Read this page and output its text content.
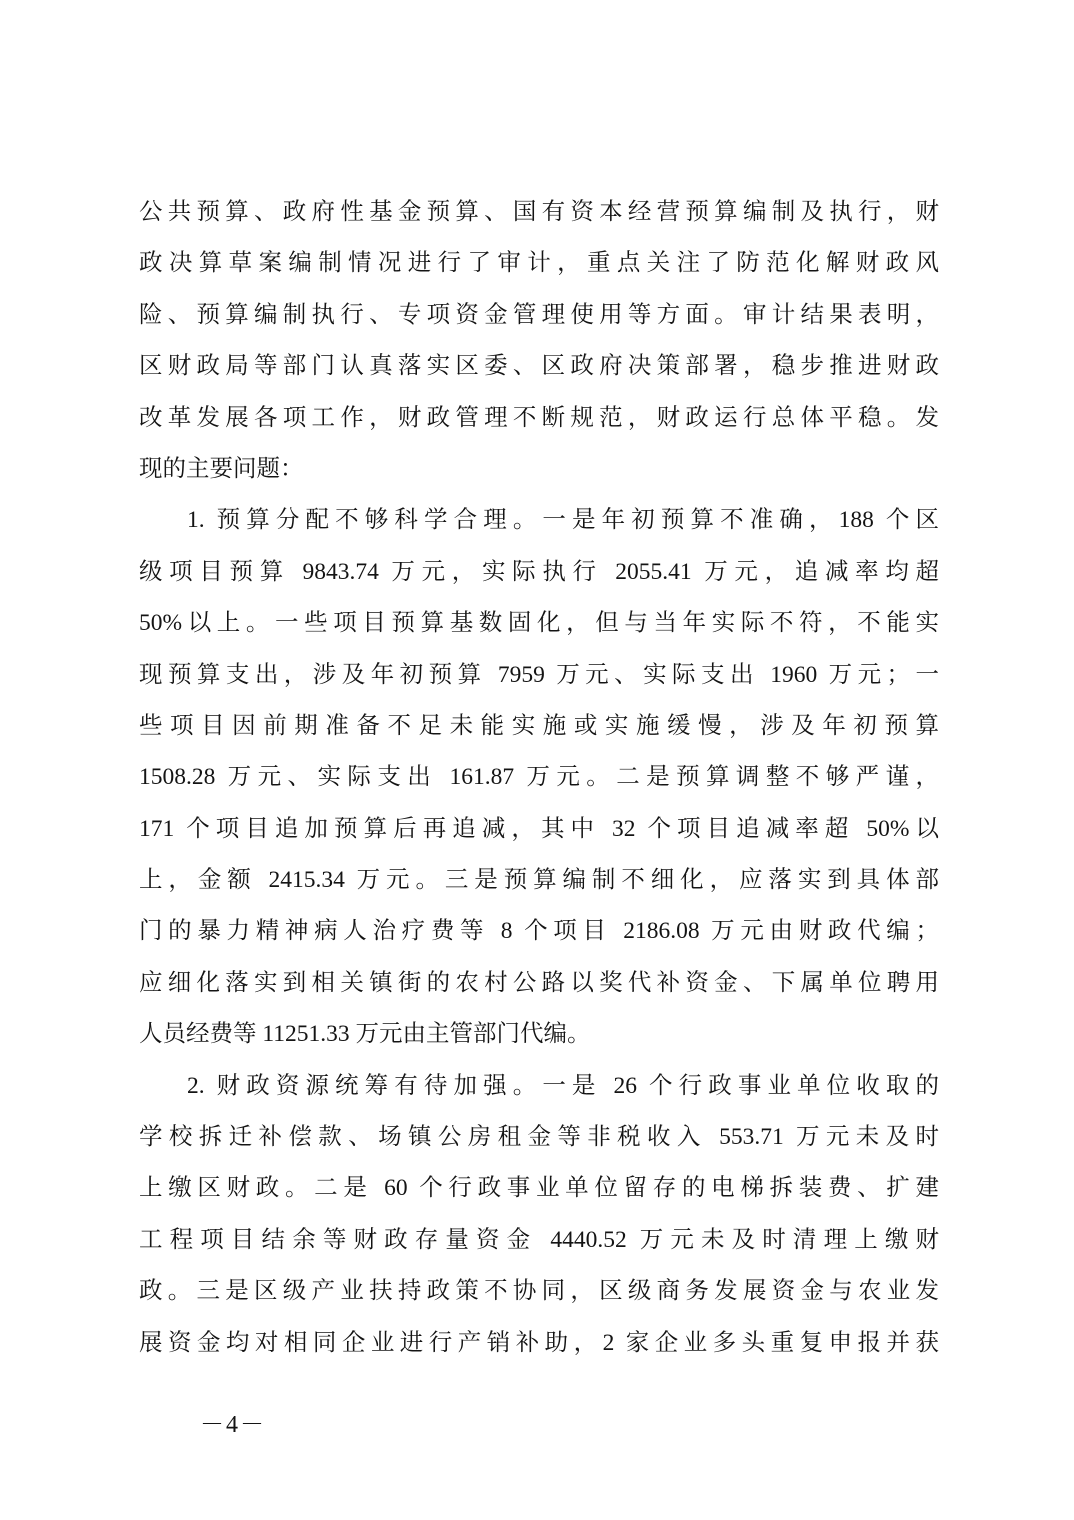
公共预算、政府性基金预算、国有资本经营预算编制及执行，财
政决算草案编制情况进行了审计，重点关注了防范化解财政风
险、预算编制执行、专项资金管理使用等方面。审计结果表明，
区财政局等部门认真落实区委、区政府决策部署，稳步推进财政
改革发展各项工作，财政管理不断规范，财政运行总体平稳。发
现的主要问题：
1. 预算分配不够科学合理。一是年初预算不准确，188 个区
级项目预算 9843.74 万元，实际执行 2055.41 万元，追减率均超
50%以上。一些项目预算基数固化，但与当年实际不符，不能实
现预算支出，涉及年初预算 7959 万元、实际支出 1960 万元；一
些项目因前期准备不足未能实施或实施缓慢，涉及年初预算
1508.28 万元、实际支出 161.87 万元。二是预算调整不够严谨，
171 个项目追加预算后再追减，其中 32 个项目追减率超 50%以
上，金额 2415.34 万元。三是预算编制不细化，应落实到具体部
门的暴力精神病人治疗费等 8 个项目 2186.08 万元由财政代编；
应细化落实到相关镇街的农村公路以奖代补资金、下属单位聘用
人员经费等 11251.33 万元由主管部门代编。
2. 财政资源统筹有待加强。一是 26 个行政事业单位收取的
学校拆迁补偿款、场镇公房租金等非税收入 553.71 万元未及时
上缴区财政。二是 60 个行政事业单位留存的电梯拆装费、扩建
工程项目结余等财政存量资金 4440.52 万元未及时清理上缴财
政。三是区级产业扶持政策不协同，区级商务发展资金与农业发
展资金均对相同企业进行产销补助，2 家企业多头重复申报并获
－4－
